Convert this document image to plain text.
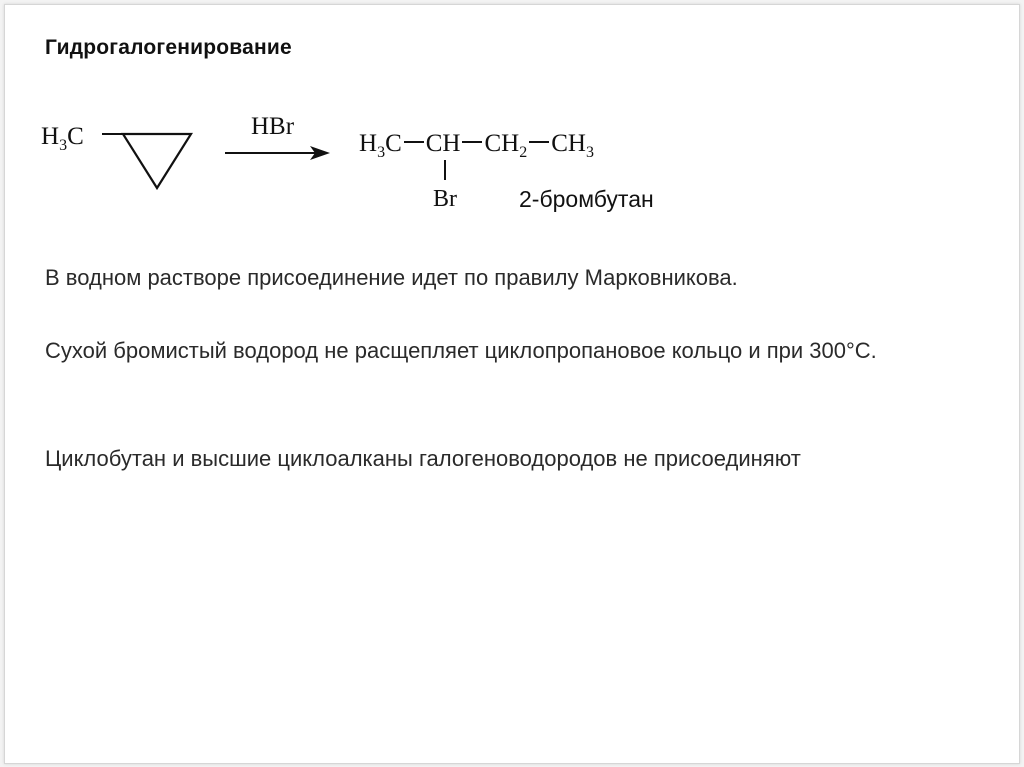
Гидрогалогенирование
$H_3C$	HBr
$H_3C$ CH $CH_2$ $CH_3$
Br	2-бромбутан
В водном растворе присоединение идет по правилу Марковникова.
Сухой бромистый водород не расщепляет циклопропановое кольцо и при 300°С.
Циклобутан и высшие циклоалканы галогеноводородов не присоединяют
